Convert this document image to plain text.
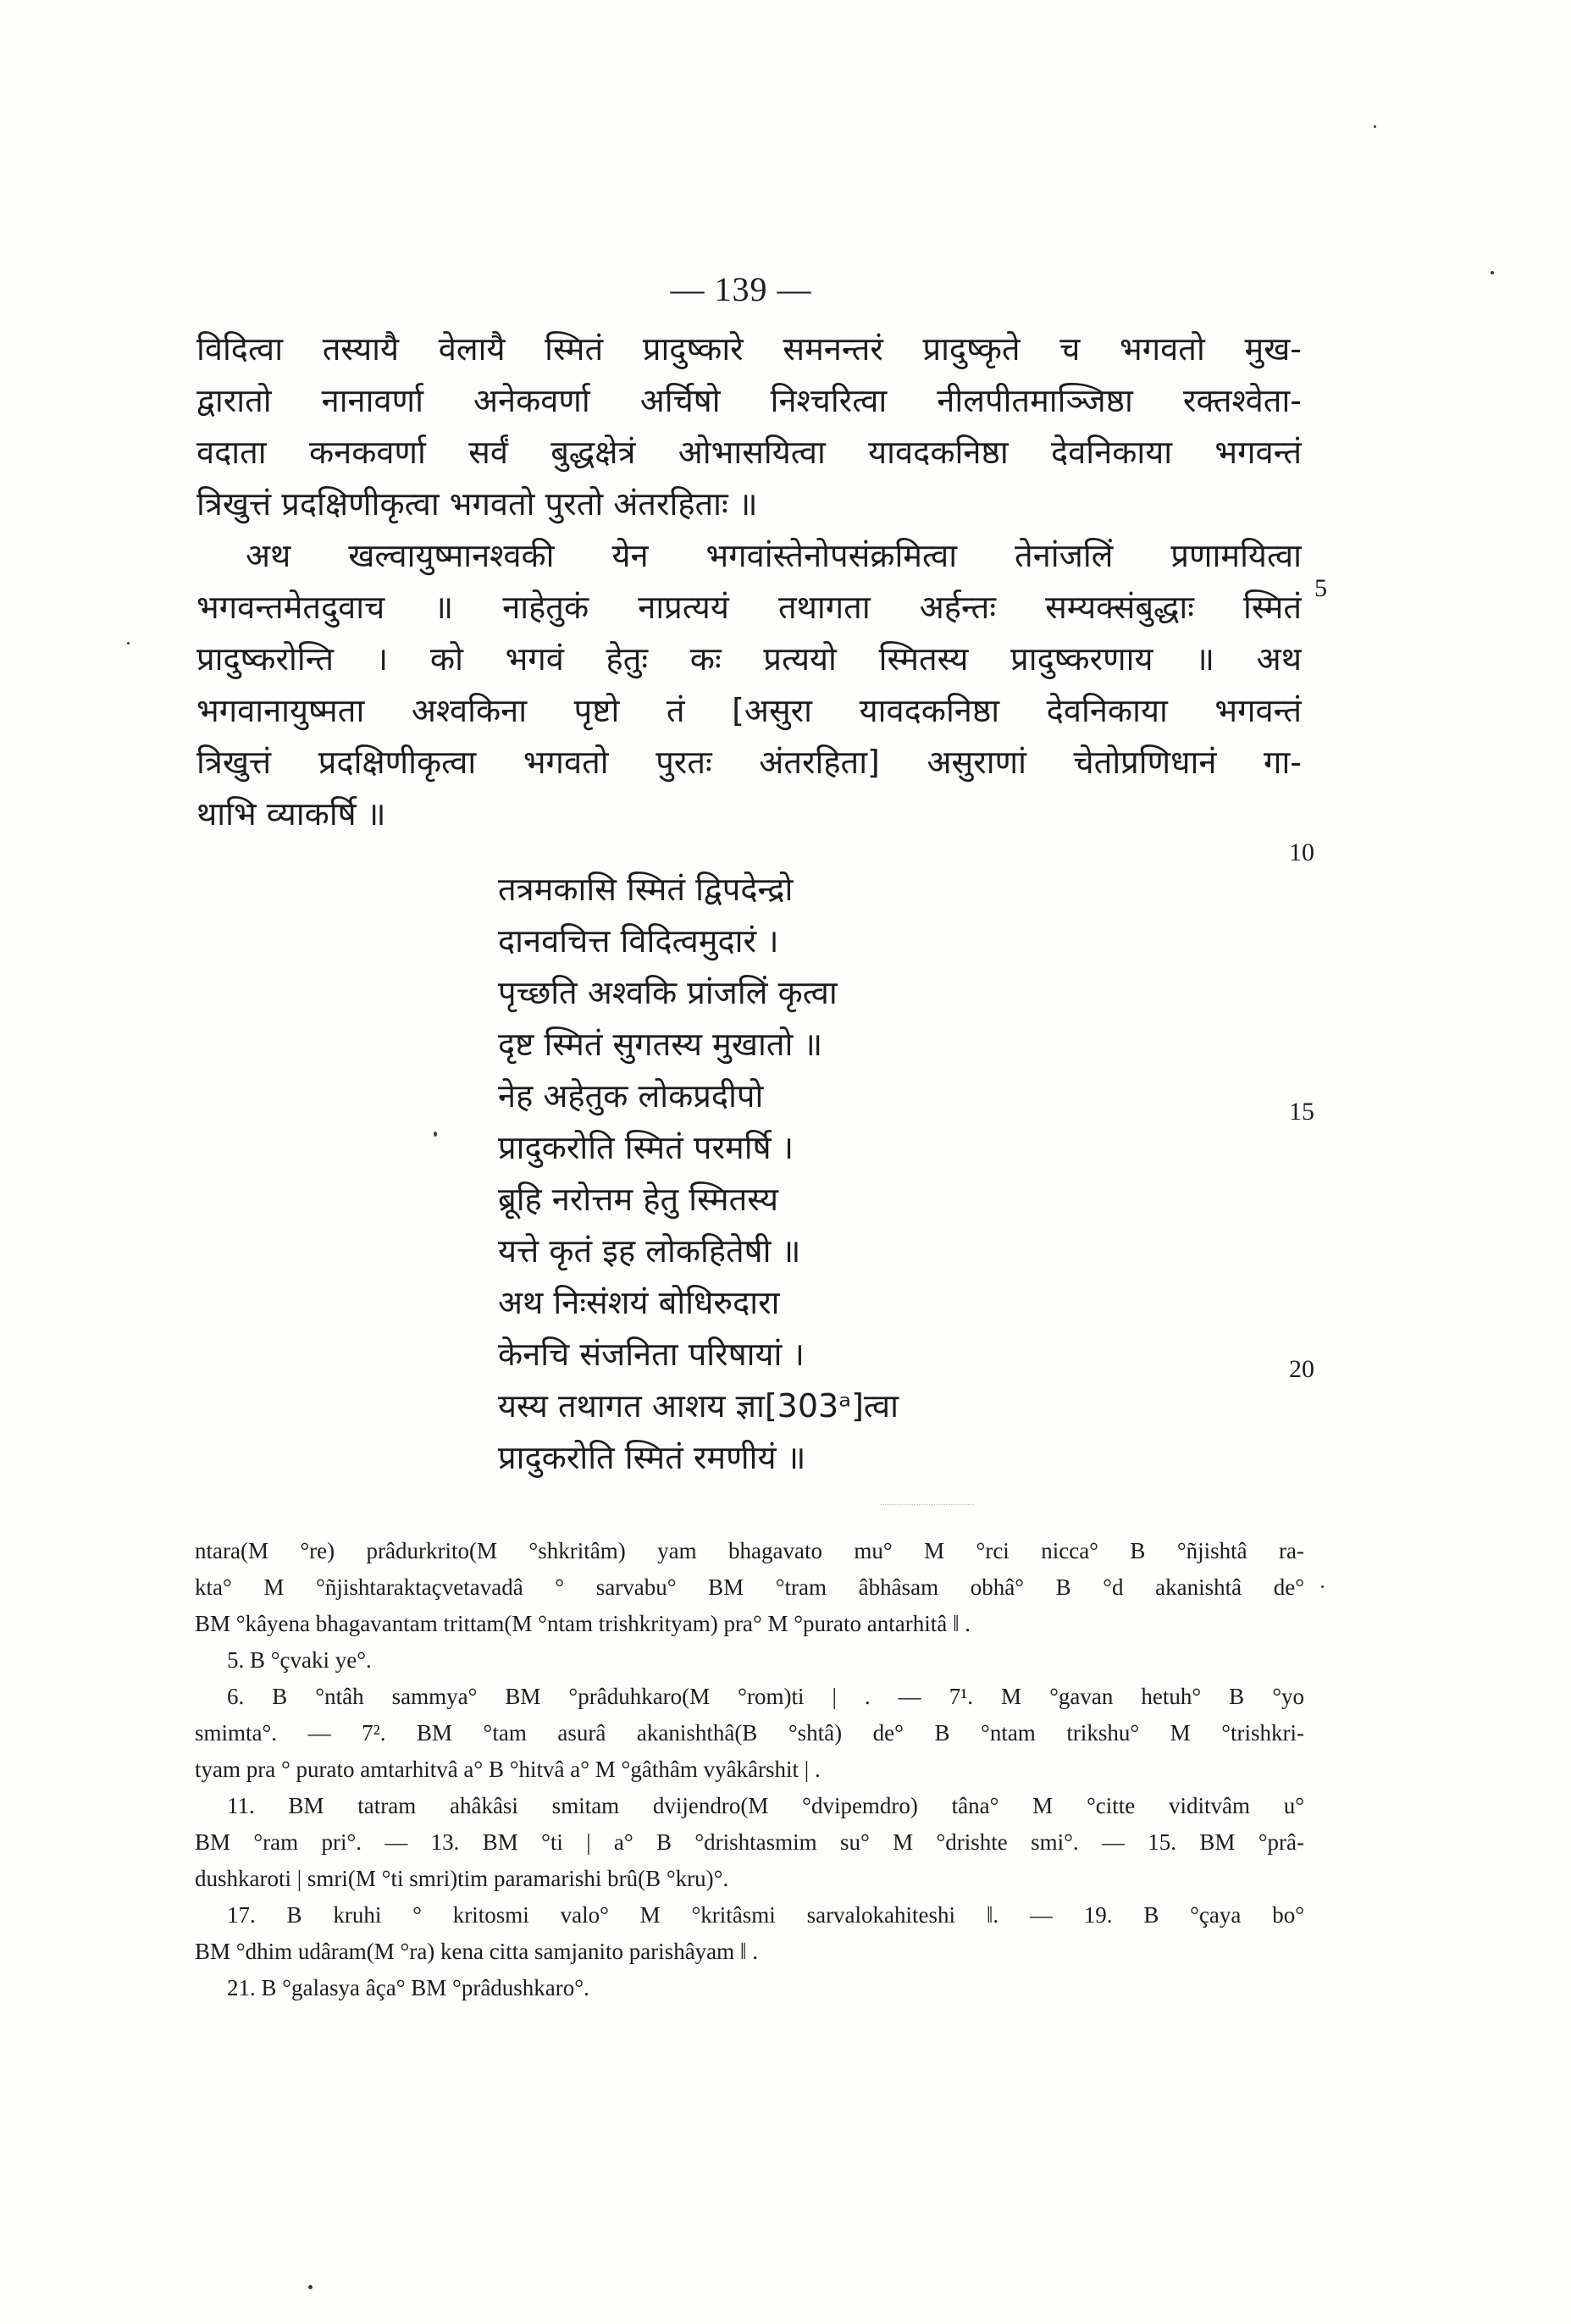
— 139 —
विदित्वा तस्यायै वेलायै स्मितं प्रादुष्कारे समनन्तरं प्रादुष्कृते च भगवतो मुख-
द्वारातो नानावर्णा अनेकवर्णा अर्चिषो निश्चरित्वा नीलपीतमाञ्जिष्ठा रक्तश्वेता-
वदाता कनकवर्णा सर्वं बुद्धक्षेत्रं ओभासयित्वा यावदकनिष्ठा देवनिकाया भगवन्तं
त्रिखुत्तं प्रदक्षिणीकृत्वा भगवतो पुरतो अंतरहिताः ॥
अथ खल्वायुष्मानश्वकी येन भगवांस्तेनोपसंक्रमित्वा तेनांजलिं प्रणामयित्वा
भगवन्तमेतदुवाच ॥ नाहेतुकं नाप्रत्ययं तथागता अर्हन्तः सम्यक्संबुद्धाः स्मितं
प्रादुष्करोन्ति । को भगवं हेतुः कः प्रत्ययो स्मितस्य प्रादुष्करणाय ॥ अथ
भगवानायुष्मता अश्वकिना पृष्टो तं [असुरा यावदकनिष्ठा देवनिकाया भगवन्तं
त्रिखुत्तं प्रदक्षिणीकृत्वा भगवतो पुरतः अंतरहिता] असुराणां चेतोप्रणिधानं गा-
थाभि व्याकर्षि ॥
तत्रमकासि स्मितं द्विपदेन्द्रो
दानवचित्त विदित्वमुदारं ।
पृच्छति अश्वकि प्रांजलिं कृत्वा
दृष्ट स्मितं सुगतस्य मुखातो ॥
नेह अहेतुक लोकप्रदीपो
प्रादुकरोति स्मितं परमर्षि ।
ब्रूहि नरोत्तम हेतु स्मितस्य
यत्ते कृतं इह लोकहितेषी ॥
अथ निःसंशयं बोधिरुदारा
केनचि संजनिता परिषायां ।
यस्य तथागत आशय ज्ञा[303ᵃ]त्वा
प्रादुकरोति स्मितं रमणीयं ॥
5
10
15
20
ntara(M °re) prâdurkrito(M °shkritâm) yam bhagavato mu° M °rci nicca° B °ñjishtâ ra-
kta° M °ñjishtaraktaçvetavadâ ° sarvabu° BM °tram âbhâsam obhâ° B °d akanishtâ de°
BM °kâyena bhagavantam trittam(M °ntam trishkrityam) pra° M °purato antarhitâ ‖ .
5. B °çvaki ye°.
6. B °ntâh sammya° BM °prâduhkaro(M °rom)ti | . — 7¹. M °gavan hetuh° B °yo
smimta°. — 7². BM °tam asurâ akanishthâ(B °shtâ) de° B °ntam trikshu° M °trishkri-
tyam pra ° purato amtarhitvâ a° B °hitvâ a° M °gâthâm vyâkârshit | .
11. BM tatram ahâkâsi smitam dvijendro(M °dvipemdro) tâna° M °citte viditvâm u°
BM °ram pri°. — 13. BM °ti | a° B °drishtasmim su° M °drishte smi°. — 15. BM °prâ-
dushkaroti | smri(M °ti smri)tim paramarishi brû(B °kru)°.
17. B kruhi ° kritosmi valo° M °kritâsmi sarvalokahiteshi ‖. — 19. B °çaya bo°
BM °dhim udâram(M °ra) kena citta samjanito parishâyam ‖ .
21. B °galasya âça° BM °prâdushkaro°.
